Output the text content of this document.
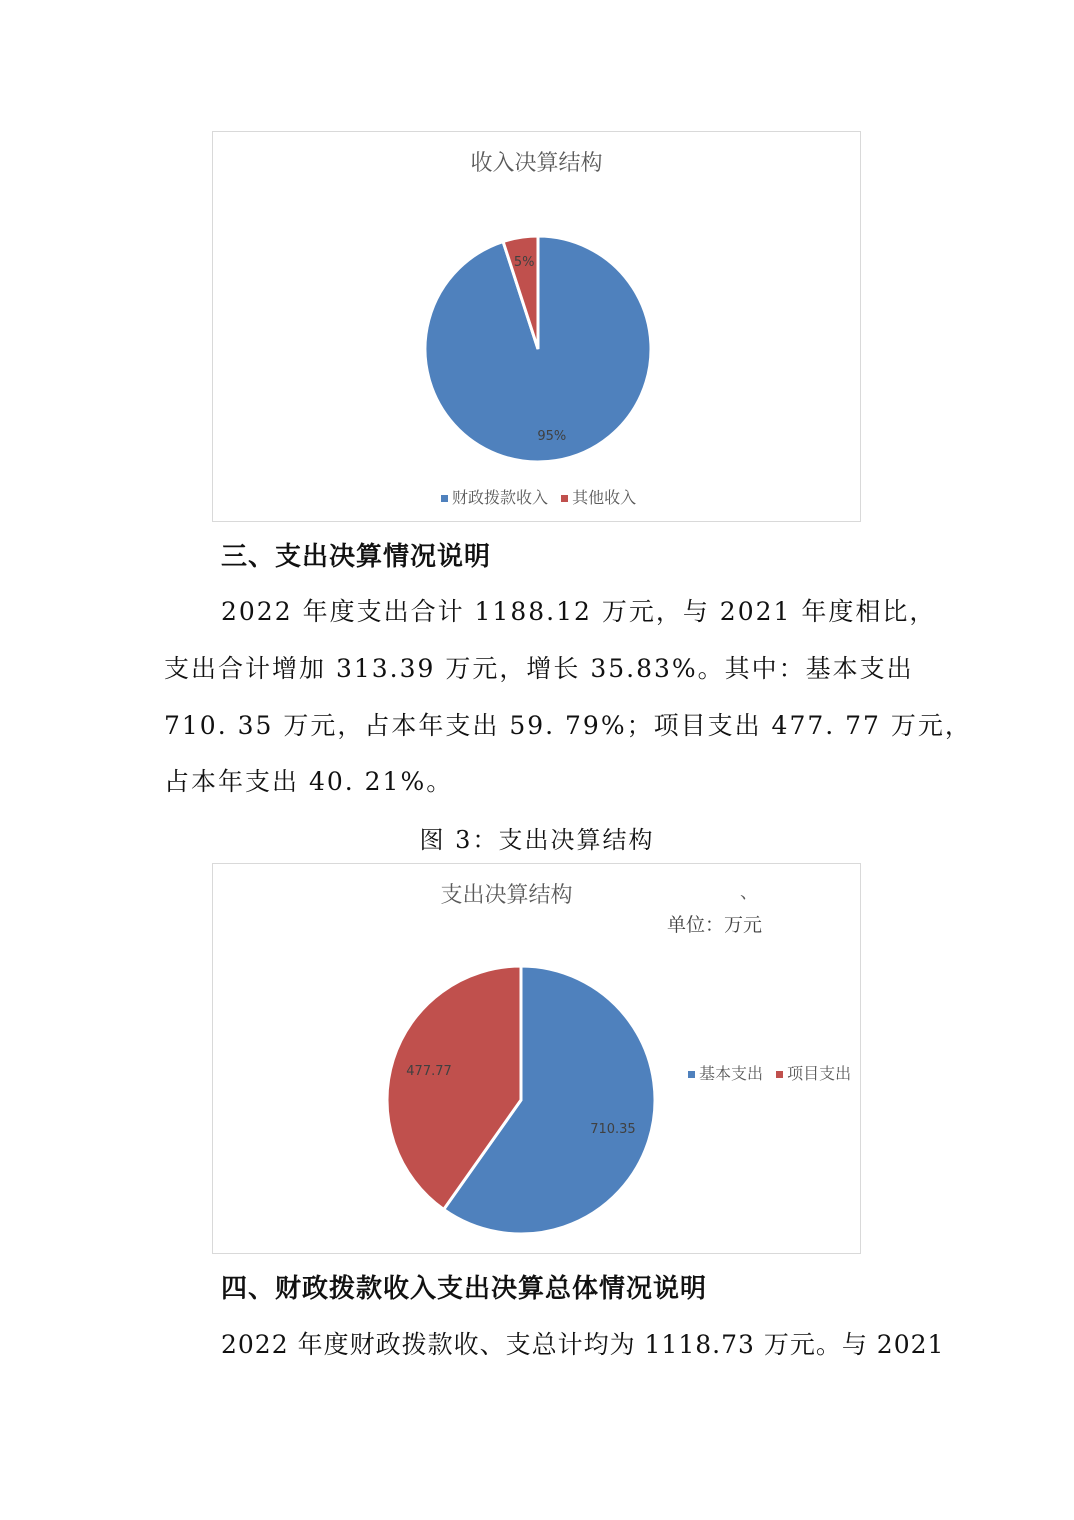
收入决算结构
95%
5%
财政拨款收入 其他收入
三、支出决算情况说明
2022 年度支出合计 1188.12 万元，与 2021 年度相比，
支出合计增加 313.39 万元，增长 35.83%。其中：基本支出
710. 35 万元，占本年支出 59. 79%；项目支出 477. 77 万元，
占本年支出 40. 21%。
图 3：支出决算结构
支出决算结构	、
单位：万元
710.35
477.77	基本支出 项目支出
四、财政拨款收入支出决算总体情况说明
2022 年度财政拨款收、支总计均为 1118.73 万元。与 2021
